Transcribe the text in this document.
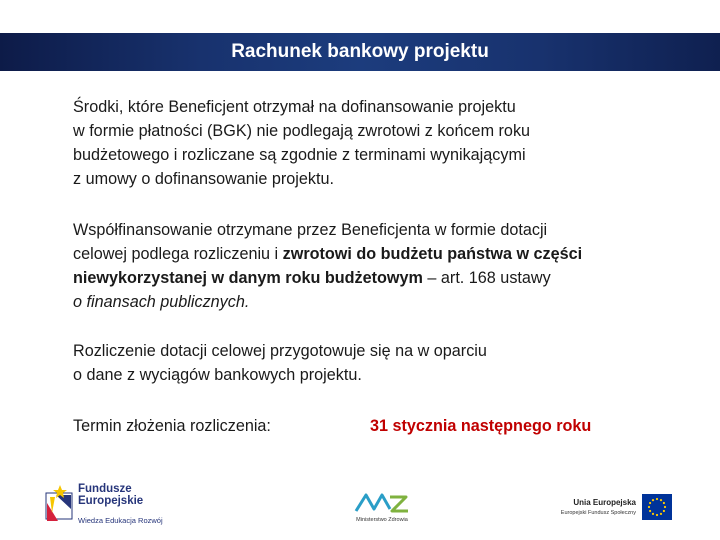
Rachunek bankowy projektu
Środki, które Beneficjent otrzymał na dofinansowanie projektu
w formie płatności (BGK) nie podlegają zwrotowi z końcem roku
budżetowego i rozliczane są zgodnie z terminami wynikającymi
z umowy o dofinansowanie projektu.
Współfinansowanie otrzymane przez Beneficjenta w formie dotacji
celowej podlega rozliczeniu i zwrotowi do budżetu państwa w części
niewykorzystanej w danym roku budżetowym – art. 168 ustawy
o finansach publicznych.
Rozliczenie dotacji celowej przygotowuje się na w oparciu
o dane z wyciągów bankowych projektu.
Termin złożenia rozliczenia:	31 stycznia następnego roku
Fundusze
Europejskie
Wiedza Edukacja Rozwój	Ministerstwo Zdrowia
Unia Europejska
Europejski Fundusz Społeczny
